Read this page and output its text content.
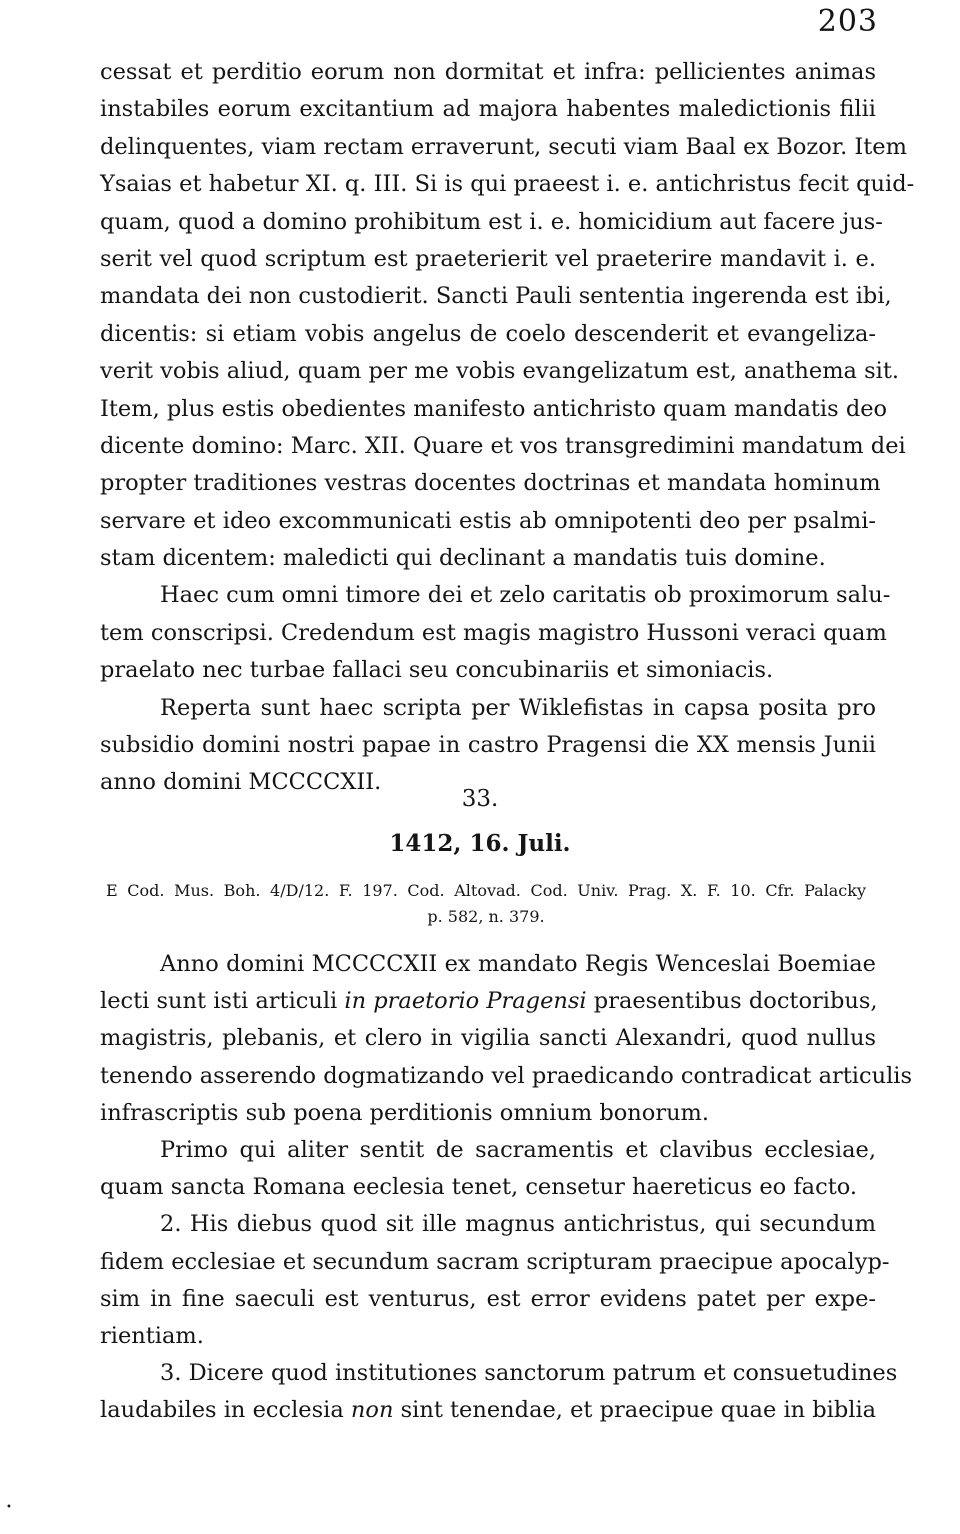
203
cessat et perditio eorum non dormitat et infra: pellicientes animas
instabiles eorum excitantium ad majora habentes maledictionis filii
delinquentes, viam rectam erraverunt, secuti viam Baal ex Bozor. Item
Ysaias et habetur XI. q. III. Si is qui praeest i. e. antichristus fecit quid-
quam, quod a domino prohibitum est i. e. homicidium aut facere jus-
serit vel quod scriptum est praeterierit vel praeterire mandavit i. e.
mandata dei non custodierit. Sancti Pauli sententia ingerenda est ibi,
dicentis: si etiam vobis angelus de coelo descenderit et evangeliza-
verit vobis aliud, quam per me vobis evangelizatum est, anathema sit.
Item, plus estis obedientes manifesto antichristo quam mandatis deo
dicente domino: Marc. XII. Quare et vos transgredimini mandatum dei
propter traditiones vestras docentes doctrinas et mandata hominum
servare et ideo excommunicati estis ab omnipotenti deo per psalmi-
stam dicentem: maledicti qui declinant a mandatis tuis domine.
Haec cum omni timore dei et zelo caritatis ob proximorum salu-
tem conscripsi. Credendum est magis magistro Hussoni veraci quam
praelato nec turbae fallaci seu concubinariis et simoniacis.
Reperta sunt haec scripta per Wiklefistas in capsa posita pro
subsidio domini nostri papae in castro Pragensi die XX mensis Junii
anno domini MCCCCXII.
33.
1412, 16. Juli.
E Cod. Mus. Boh. 4/D/12. F. 197. Cod. Altovad. Cod. Univ. Prag. X. F. 10. Cfr. Palacky
p. 582, n. 379.
Anno domini MCCCCXII ex mandato Regis Wenceslai Boemiae
lecti sunt isti articuli in praetorio Pragensi praesentibus doctoribus,
magistris, plebanis, et clero in vigilia sancti Alexandri, quod nullus
tenendo asserendo dogmatizando vel praedicando contradicat articulis
infrascriptis sub poena perditionis omnium bonorum.
Primo qui aliter sentit de sacramentis et clavibus ecclesiae,
quam sancta Romana eeclesia tenet, censetur haereticus eo facto.
2. His diebus quod sit ille magnus antichristus, qui secundum
fidem ecclesiae et secundum sacram scripturam praecipue apocalyp-
sim in fine saeculi est venturus, est error evidens patet per expe-
rientiam.
3. Dicere quod institutiones sanctorum patrum et consuetudines
laudabiles in ecclesia non sint tenendae, et praecipue quae in biblia
•
